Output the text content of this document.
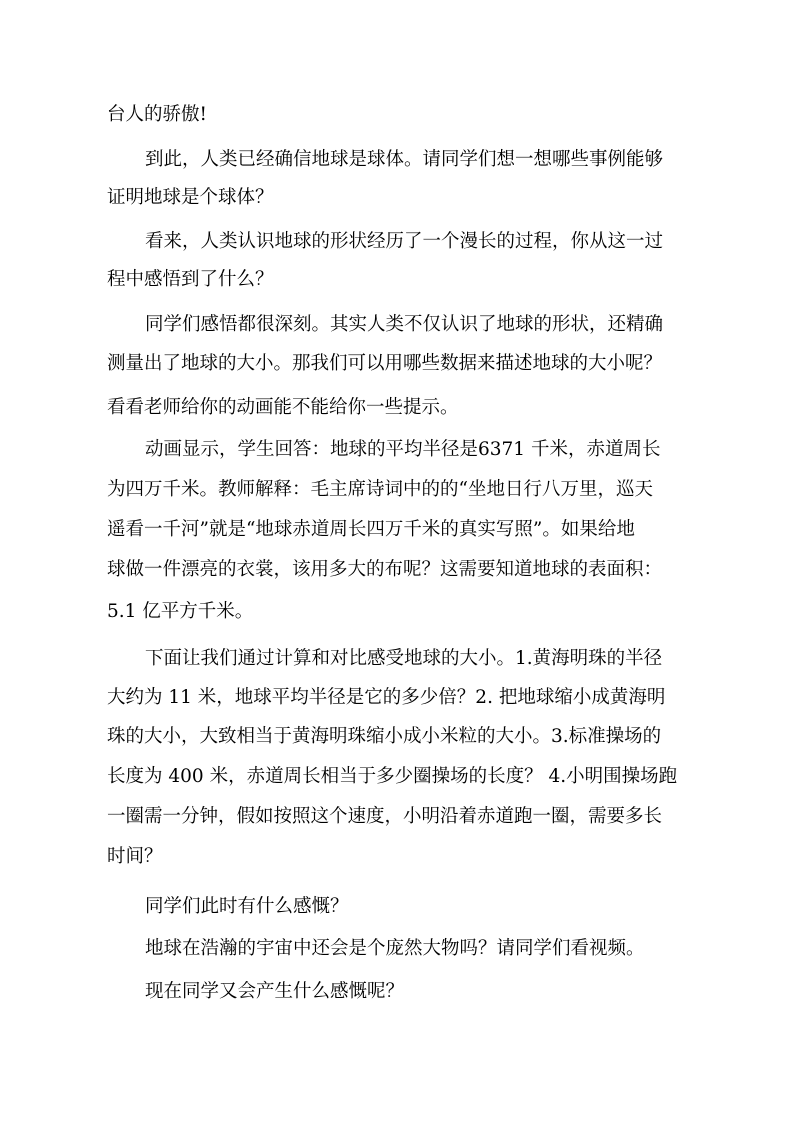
台人的骄傲!
到此，人类已经确信地球是球体。请同学们想一想哪些事例能够
证明地球是个球体？
看来，人类认识地球的形状经历了一个漫长的过程，你从这一过
程中感悟到了什么？
同学们感悟都很深刻。其实人类不仅认识了地球的形状，还精确
测量出了地球的大小。那我们可以用哪些数据来描述地球的大小呢？
看看老师给你的动画能不能给你一些提示。
动画显示，学生回答：地球的平均半径是6371 千米，赤道周长
为四万千米。教师解释：毛主席诗词中的的“坐地日行八万里，巡天
遥看一千河”就是“地球赤道周长四万千米的真实写照”。如果给地
球做一件漂亮的衣裳，该用多大的布呢？这需要知道地球的表面积：
5.1 亿平方千米。
下面让我们通过计算和对比感受地球的大小。1.黄海明珠的半径
大约为 11 米，地球平均半径是它的多少倍？2. 把地球缩小成黄海明
珠的大小，大致相当于黄海明珠缩小成小米粒的大小。3.标准操场的
长度为 400 米，赤道周长相当于多少圈操场的长度？ 4.小明围操场跑
一圈需一分钟，假如按照这个速度，小明沿着赤道跑一圈，需要多长
时间？
同学们此时有什么感慨？
地球在浩瀚的宇宙中还会是个庞然大物吗？请同学们看视频。
现在同学又会产生什么感慨呢？
